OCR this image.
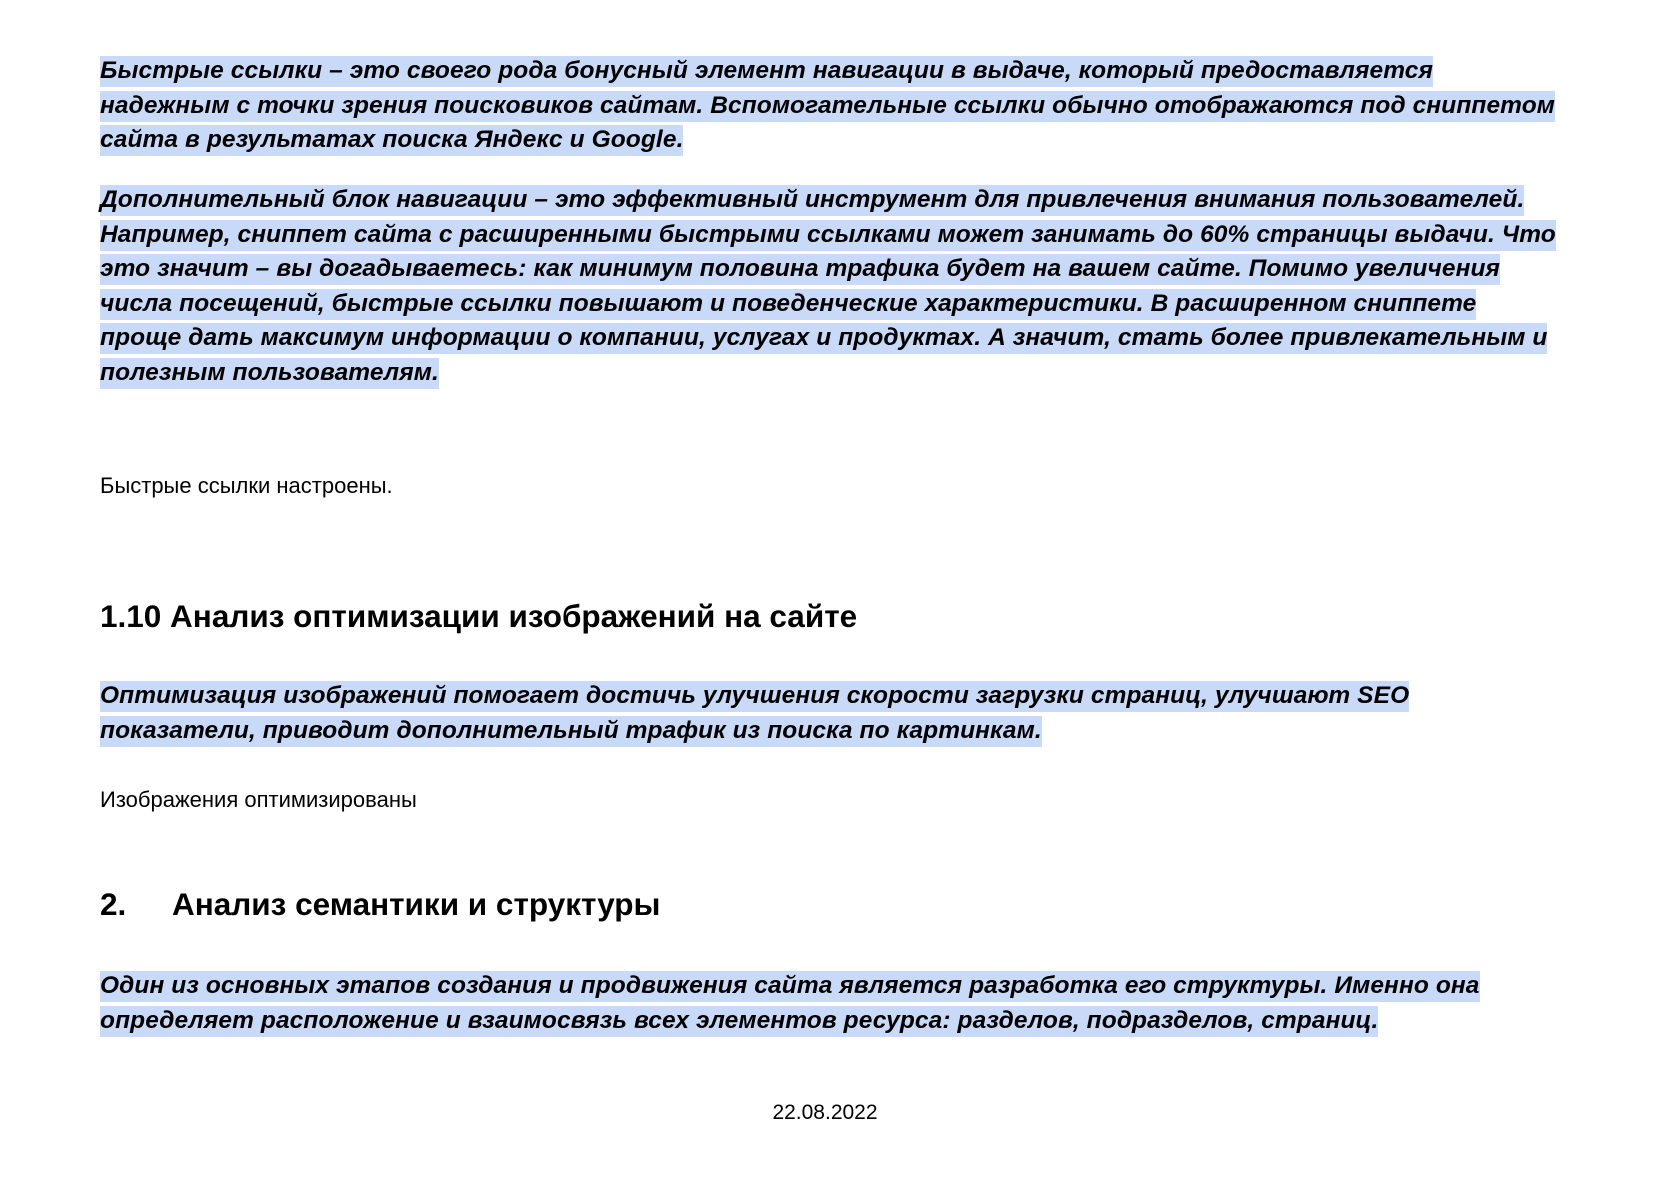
Быстрые ссылки – это своего рода бонусный элемент навигации в выдаче, который предоставляется надежным с точки зрения поисковиков сайтам. Вспомогательные ссылки обычно отображаются под сниппетом сайта в результатах поиска Яндекс и Google.

Дополнительный блок навигации – это эффективный инструмент для привлечения внимания пользователей. Например, сниппет сайта с расширенными быстрыми ссылками может занимать до 60% страницы выдачи. Что это значит – вы догадываетесь: как минимум половина трафика будет на вашем сайте. Помимо увеличения числа посещений, быстрые ссылки повышают и поведенческие характеристики. В расширенном сниппете проще дать максимум информации о компании, услугах и продуктах. А значит, стать более привлекательным и полезным пользователям.

Быстрые ссылки настроены.

1.10 Анализ оптимизации изображений на сайте

Оптимизация изображений помогает достичь улучшения скорости загрузки страниц, улучшают SEO показатели, приводит дополнительный трафик из поиска по картинкам.

Изображения оптимизированы

2. Анализ семантики и структуры

Один из основных этапов создания и продвижения сайта является разработка его структуры. Именно она определяет расположение и взаимосвязь всех элементов ресурса: разделов, подразделов, страниц.

22.08.2022
